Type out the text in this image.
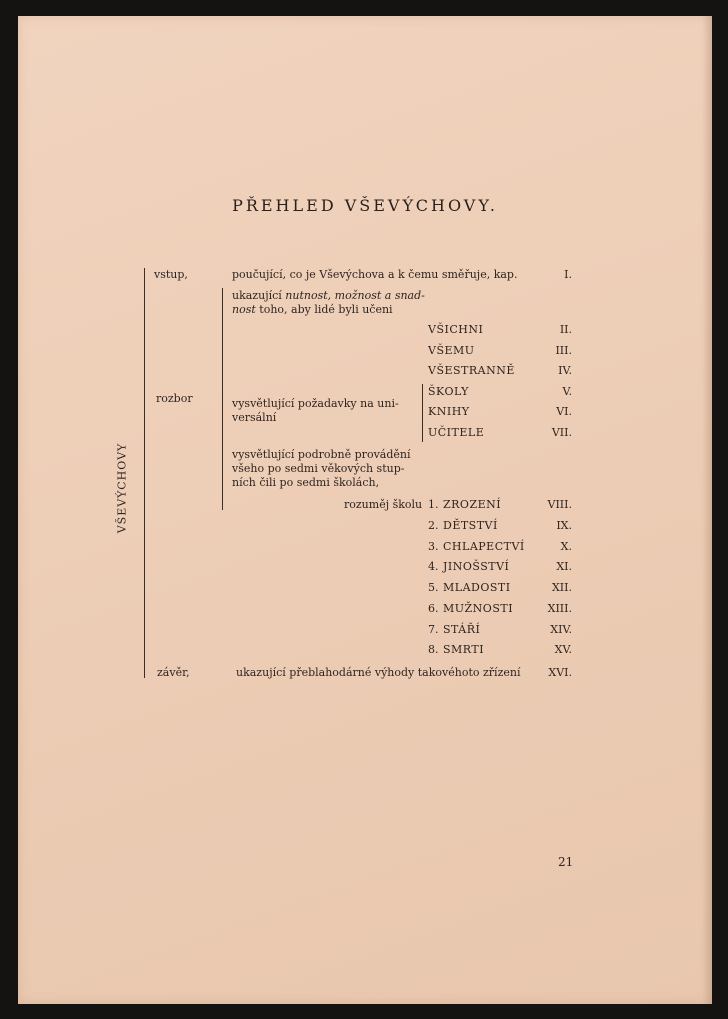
PŘEHLED VŠEVÝCHOVY.
VŠEVÝCHOVY
vstup,	poučující, co je Vševýchova a k čemu směřuje, kap.	I.
rozbor
ukazující nutnost, možnost a snad-
nost toho, aby lidé byli učeni
VŠICHNI	II.
VŠEMU	III.
VŠESTRANNĚ	IV.
vysvětlující požadavky na uni-
versální
ŠKOLY	V.
KNIHY	VI.
UČITELE	VII.
vysvětlující podrobně provádění
všeho po sedmi věkových stup-
ních čili po sedmi školách,
rozuměj školu 1. ZROZENÍ	VIII.
2. DĚTSTVÍ	IX.
3. CHLAPECTVÍ	X.
4. JINOŠSTVÍ	XI.
5. MLADOSTI	XII.
6. MUŽNOSTI	XIII.
7. STÁŘÍ	XIV.
8. SMRTI	XV.
závěr,	ukazující přeblahodárné výhody takovéhoto zřízení	XVI.
21
